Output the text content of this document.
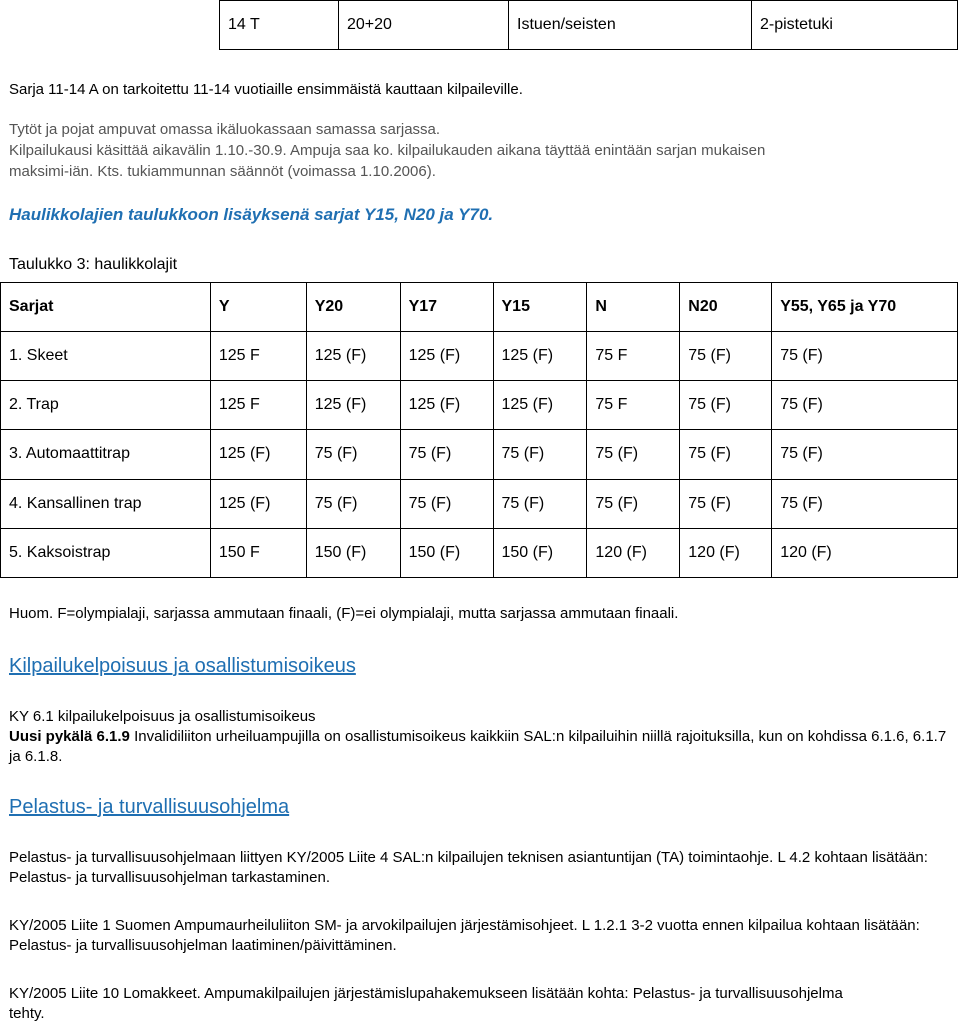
14 T	20+20	Istuen/seisten	2-pistetuki
Sarja 11-14 A on tarkoitettu 11-14 vuotiaille ensimmäistä kauttaan kilpaileville.
Tytöt ja pojat ampuvat omassa ikäluokassaan samassa sarjassa.
Kilpailukausi käsittää aikavälin 1.10.-30.9. Ampuja saa ko. kilpailukauden aikana täyttää enintään sarjan mukaisen
maksimi-iän. Kts. tukiammunnan säännöt (voimassa 1.10.2006).
Haulikkolajien taulukkoon lisäyksenä sarjat Y15, N20 ja Y70.
Taulukko 3: haulikkolajit
Sarjat	Y	Y20	Y17	Y15	N	N20	Y55, Y65 ja Y70
1. Skeet	125 F	125 (F)	125 (F)	125 (F)	75 F	75 (F)	75 (F)
2. Trap	125 F	125 (F)	125 (F)	125 (F)	75 F	75 (F)	75 (F)
3. Automaattitrap	125 (F)	75 (F)	75 (F)	75 (F)	75 (F)	75 (F)	75 (F)
4. Kansallinen trap	125 (F)	75 (F)	75 (F)	75 (F)	75 (F)	75 (F)	75 (F)
5. Kaksoistrap	150 F	150 (F)	150 (F)	150 (F)	120 (F)	120 (F)	120 (F)
Huom. F=olympialaji, sarjassa ammutaan finaali, (F)=ei olympialaji, mutta sarjassa ammutaan finaali.
Kilpailukelpoisuus ja osallistumisoikeus
KY 6.1 kilpailukelpoisuus ja osallistumisoikeus
Uusi pykälä 6.1.9 Invalidiliiton urheiluampujilla on osallistumisoikeus kaikkiin SAL:n kilpailuihin niillä rajoituksilla, kun on kohdissa 6.1.6, 6.1.7 ja 6.1.8.
Pelastus- ja turvallisuusohjelma
Pelastus- ja turvallisuusohjelmaan liittyen KY/2005 Liite 4 SAL:n kilpailujen teknisen asiantuntijan (TA) toimintaohje. L 4.2 kohtaan lisätään: Pelastus- ja turvallisuusohjelman tarkastaminen.
KY/2005 Liite 1 Suomen Ampumaurheiluliiton SM- ja arvokilpailujen järjestämisohjeet. L 1.2.1 3-2 vuotta ennen kilpailua kohtaan lisätään: Pelastus- ja turvallisuusohjelman laatiminen/päivittäminen.
KY/2005 Liite 10 Lomakkeet. Ampumakilpailujen järjestämislupahakemukseen lisätään kohta: Pelastus- ja turvallisuusohjelma tehty.
